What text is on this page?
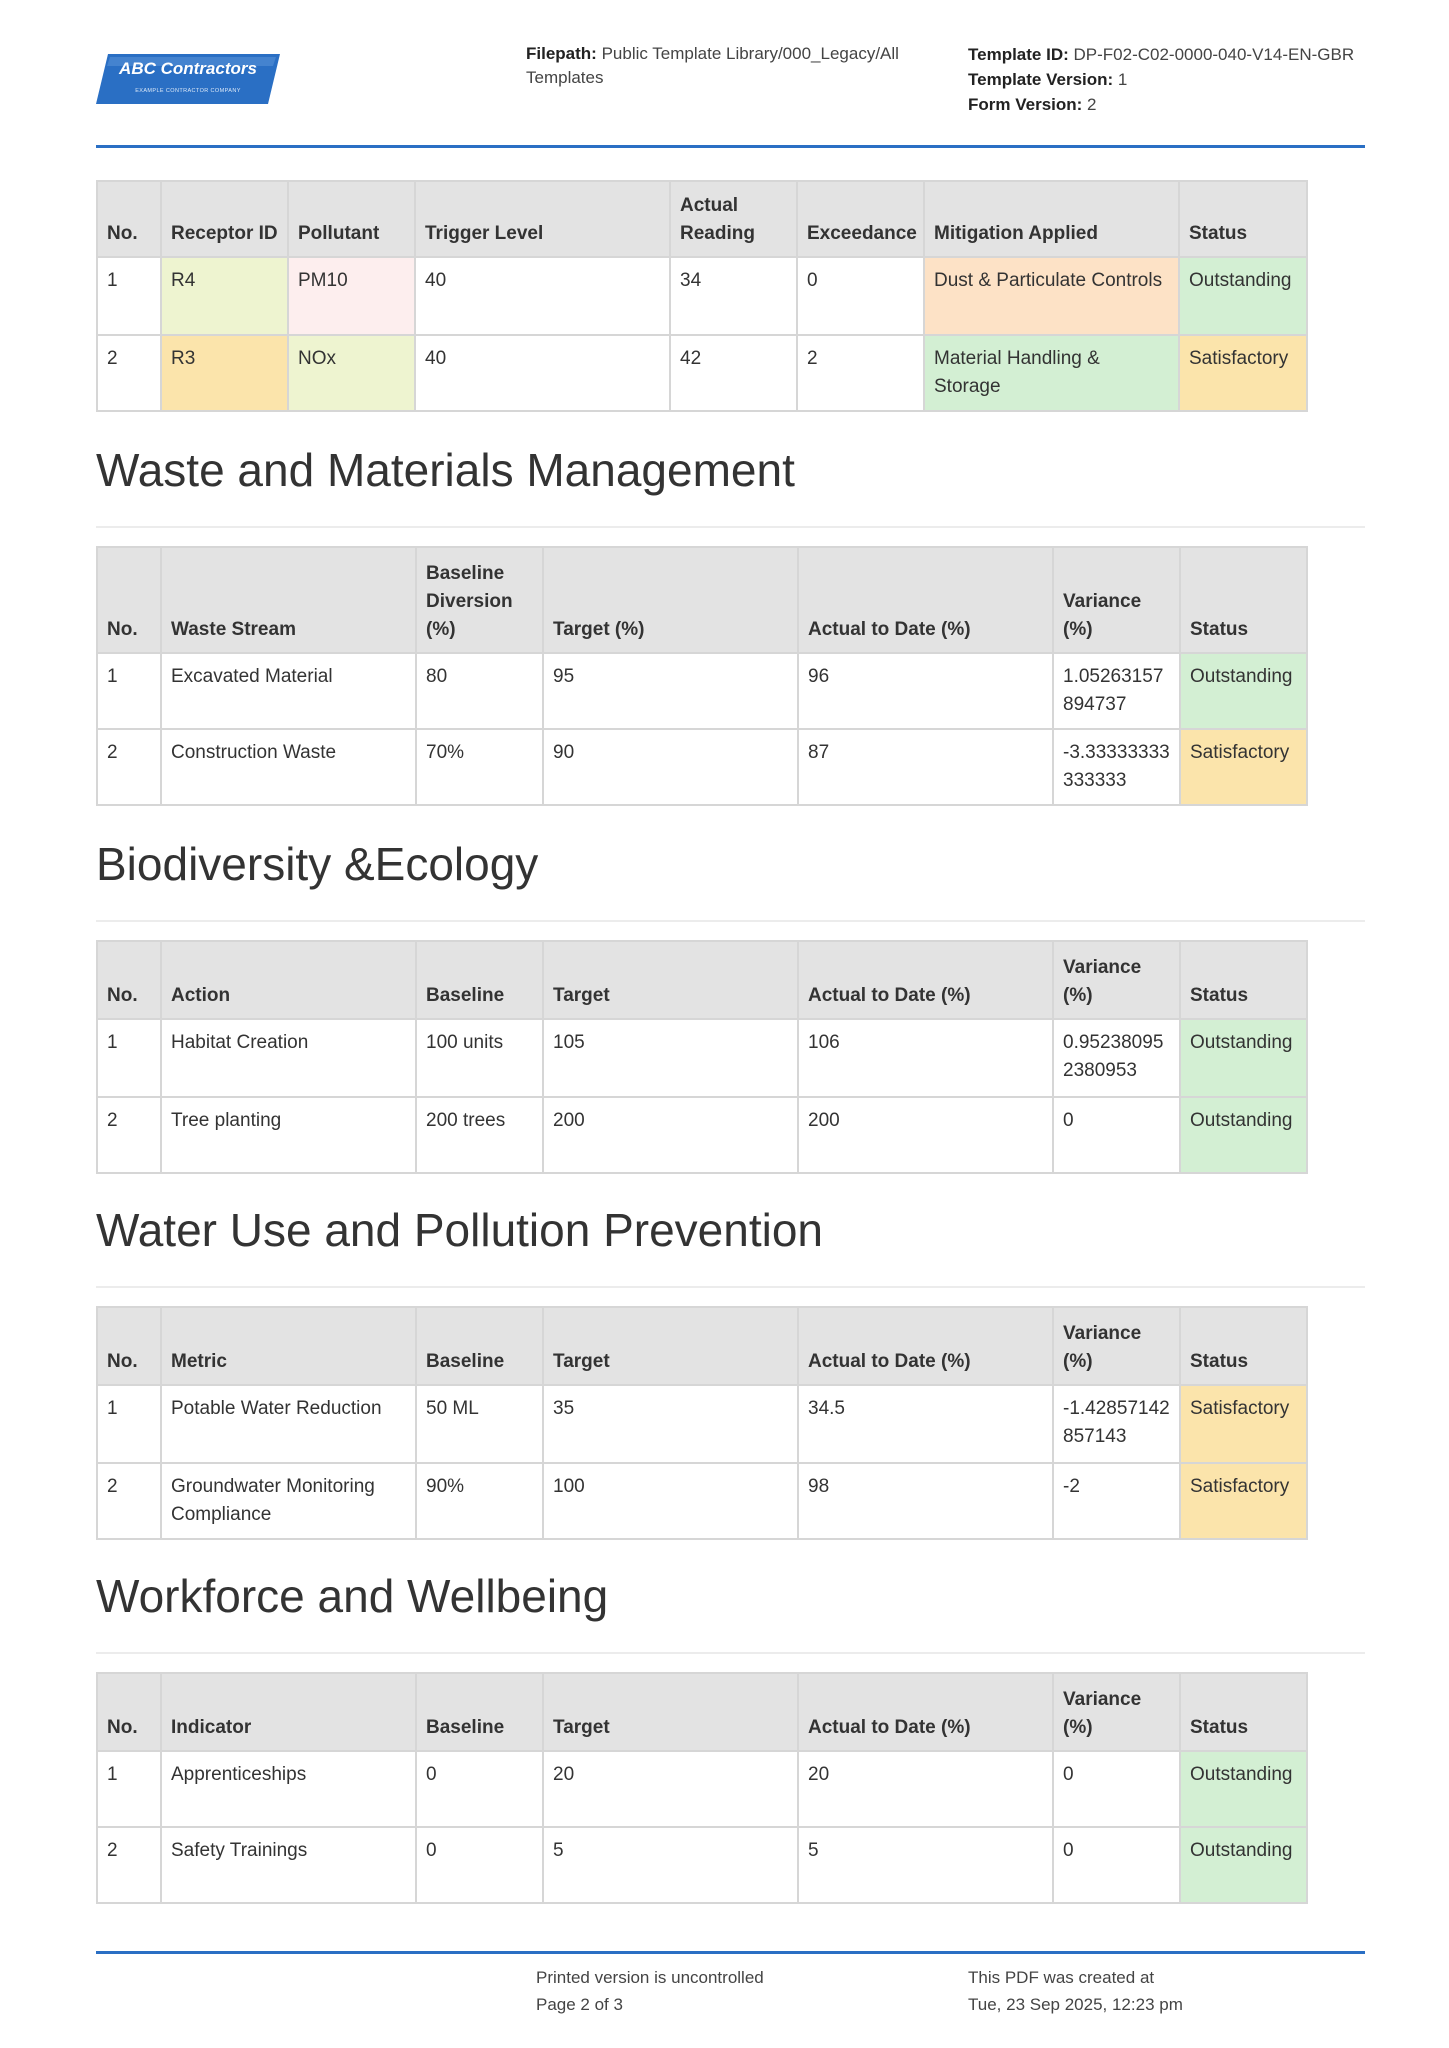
ABC Contractors
EXAMPLE CONTRACTOR COMPANY
Filepath: Public Template Library/000_Legacy/All Templates
Template ID: DP-F02-C02-0000-040-V14-EN-GBR
Template Version: 1
Form Version: 2
No.	Receptor ID	Pollutant	Trigger Level	Actual Reading	Exceedance	Mitigation Applied	Status
1	R4	PM10	40	34	0	Dust & Particulate Controls	Outstanding
2	R3	NOx	40	42	2	Material Handling & Storage	Satisfactory
Waste and Materials Management
No.	Waste Stream	Baseline Diversion (%)	Target (%)	Actual to Date (%)	Variance (%)	Status
1	Excavated Material	80	95	96	1.05263157894737	Outstanding
2	Construction Waste	70%	90	87	-3.33333333333333	Satisfactory
Biodiversity &Ecology
No.	Action	Baseline	Target	Actual to Date (%)	Variance (%)	Status
1	Habitat Creation	100 units	105	106	0.952380952380953	Outstanding
2	Tree planting	200 trees	200	200	0	Outstanding
Water Use and Pollution Prevention
No.	Metric	Baseline	Target	Actual to Date (%)	Variance (%)	Status
1	Potable Water Reduction	50 ML	35	34.5	-1.42857142857143	Satisfactory
2	Groundwater Monitoring Compliance	90%	100	98	-2	Satisfactory
Workforce and Wellbeing
No.	Indicator	Baseline	Target	Actual to Date (%)	Variance (%)	Status
1	Apprenticeships	0	20	20	0	Outstanding
2	Safety Trainings	0	5	5	0	Outstanding
Printed version is uncontrolled
Page 2 of 3
This PDF was created at
Tue, 23 Sep 2025, 12:23 pm
